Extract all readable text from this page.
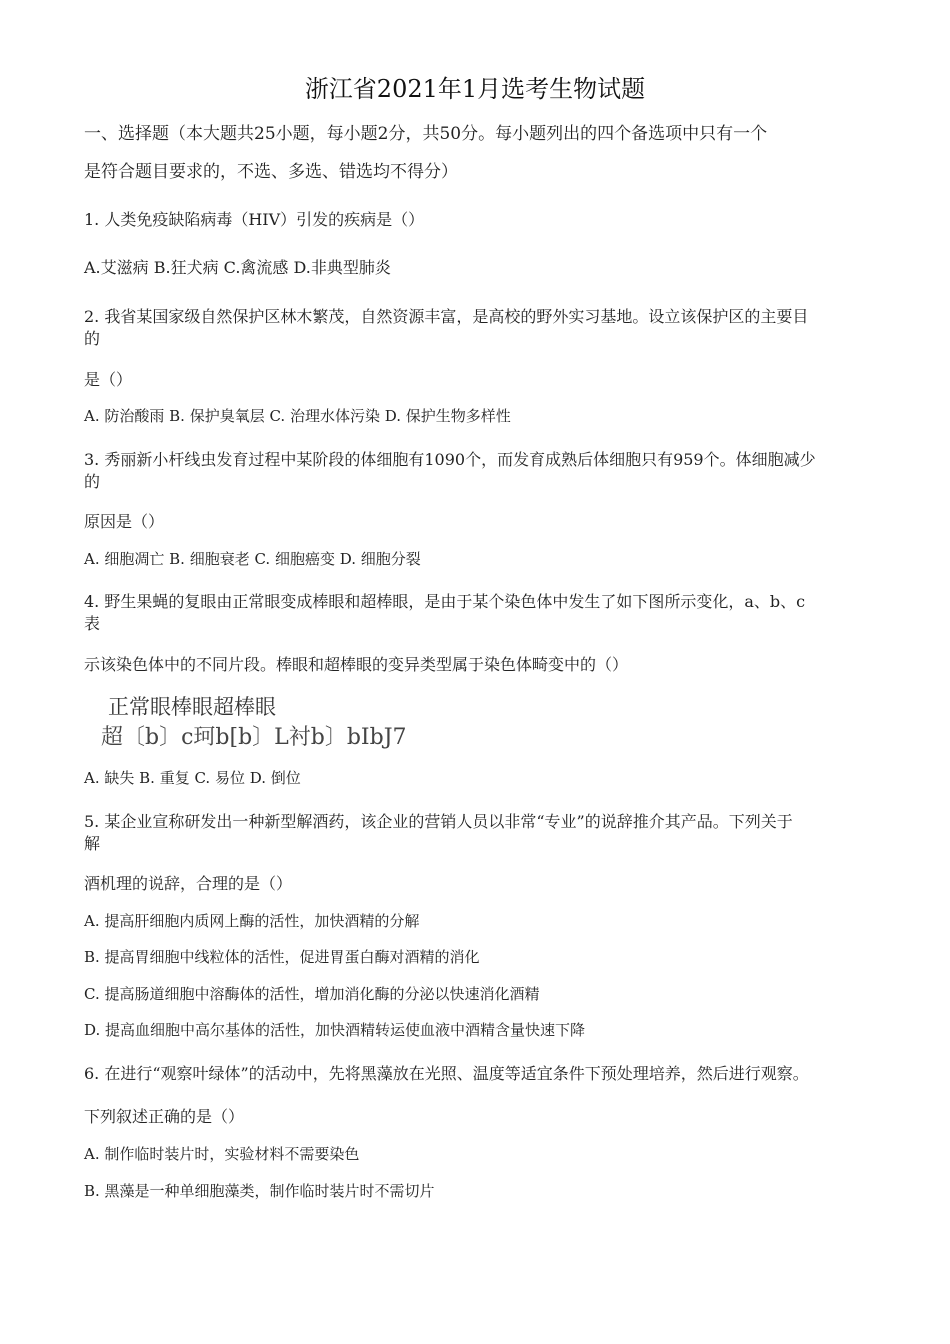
浙江省2021年1月选考生物试题

一、选择题（本大题共25小题，每小题2分，共50分。每小题列出的四个备选项中只有一个

是符合题目要求的，不选、多选、错选均不得分）

1. 人类免疫缺陷病毒（HIV）引发的疾病是（）

A.艾滋病 B.狂犬病 C.禽流感 D.非典型肺炎

2. 我省某国家级自然保护区林木繁茂，自然资源丰富，是高校的野外实习基地。设立该保护区的主要目

的

是（）

A. 防治酸雨 B. 保护臭氧层 C. 治理水体污染 D. 保护生物多样性

3. 秀丽新小杆线虫发育过程中某阶段的体细胞有1090个，而发育成熟后体细胞只有959个。体细胞减少

的

原因是（）

A. 细胞凋亡 B. 细胞衰老 C. 细胞癌变 D. 细胞分裂

4. 野生果蝇的复眼由正常眼变成棒眼和超棒眼，是由于某个染色体中发生了如下图所示变化，a、b、c

表

示该染色体中的不同片段。棒眼和超棒眼的变异类型属于染色体畸变中的（）

正常眼棒眼超棒眼
超〔b〕c珂b[b〕L衬b〕bIbJ7

A. 缺失 B. 重复 C. 易位 D. 倒位

5. 某企业宣称研发出一种新型解酒药，该企业的营销人员以非常“专业”的说辞推介其产品。下列关于

解

酒机理的说辞，合理的是（）

A. 提高肝细胞内质网上酶的活性，加快酒精的分解

B. 提高胃细胞中线粒体的活性，促进胃蛋白酶对酒精的消化

C. 提高肠道细胞中溶酶体的活性，增加消化酶的分泌以快速消化酒精

D. 提高血细胞中高尔基体的活性，加快酒精转运使血液中酒精含量快速下降

6. 在进行“观察叶绿体”的活动中，先将黑藻放在光照、温度等适宜条件下预处理培养，然后进行观察。

下列叙述正确的是（）

A. 制作临时装片时，实验材料不需要染色

B. 黑藻是一种单细胞藻类，制作临时装片时不需切片
